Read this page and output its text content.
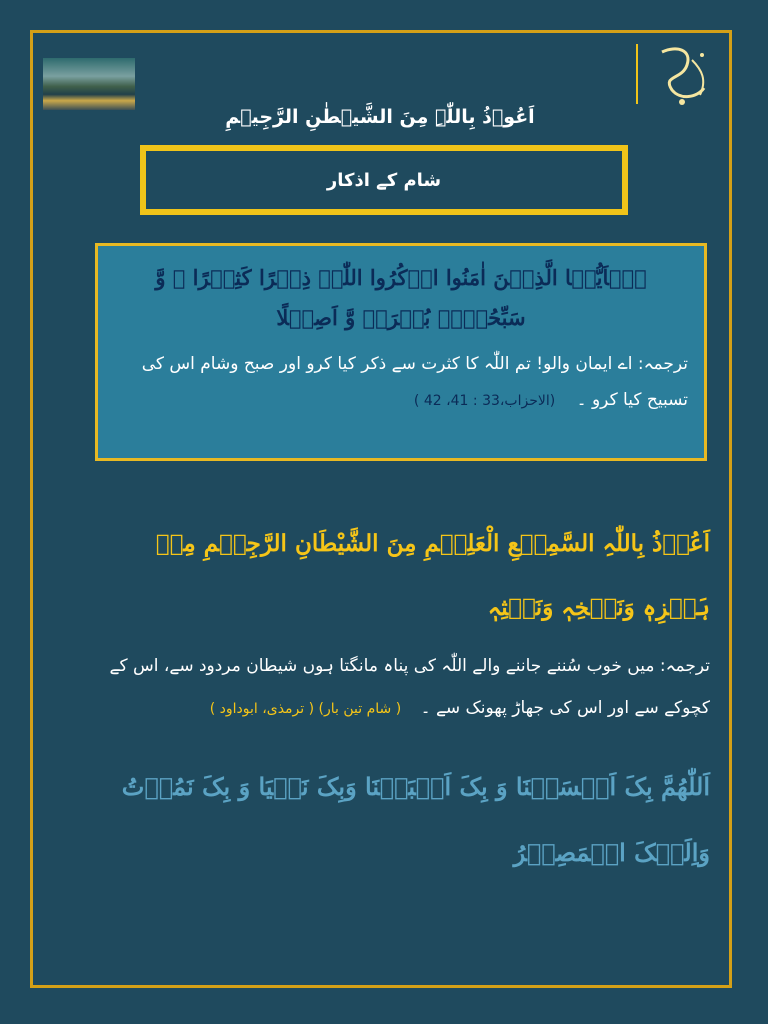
اَعُوۡذُ بِاللّٰہِ مِنَ الشَّیۡطٰنِ الرَّجِیۡمِ
شام کے اذکار
یٰۤاَیُّہَا الَّذِیۡنَ اٰمَنُوا اذۡکُرُوا اللّٰہَ ذِکۡرًا کَثِیۡرًا ۙ وَّ سَبِّحُوۡہُ بُکۡرَۃً وَّ اَصِیۡلًا
ترجمہ: اے ایمان والو! تم اللّٰہ کا کثرت سے ذکر کیا کرو اور صبح وشام اس کی تسبیح کیا کرو ۔ (الاحزاب،33 : 41، 42 )
اَعُوۡذُ بِاللّٰہِ السَّمِیۡعِ الْعَلِیۡمِ مِنَ الشَّیْطَانِ الرَّجِیۡمِ مِنۡ ہَمۡزِہٖ وَنَفۡخِہٖ وَنَفۡثِہٖ
ترجمہ: میں خوب سُننے جاننے والے اللّٰہ کی پناہ مانگتا ہوں شیطان مردود سے، اس کے کچوکے سے اور اس کی جھاڑ پھونک سے ۔ ( شام تین بار) ( ترمذی، ابوداود )
اَللّٰھُمَّ بِکَ اَمۡسَیۡنَا وَ بِکَ اَصۡبَحۡنَا وَبِکَ نَحۡیَا وَ بِکَ نَمُوۡتُ وَاِلَیۡکَ الۡمَصِیۡرُ
